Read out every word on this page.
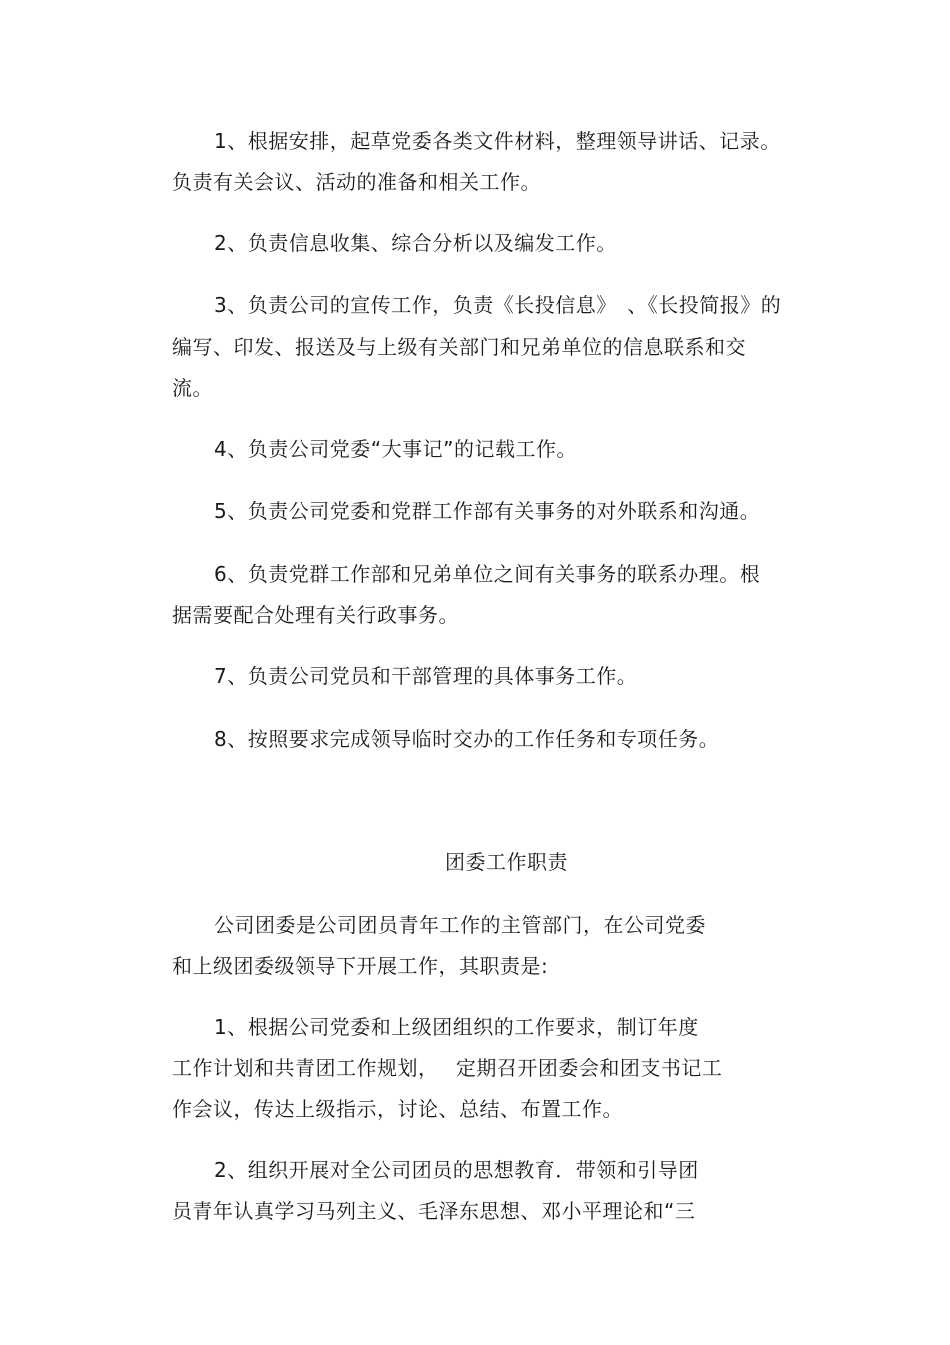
1、根据安排，起草党委各类文件材料，整理领导讲话、记录。
负责有关会议、活动的准备和相关工作。
2、负责信息收集、综合分析以及编发工作。
3、负责公司的宣传工作，负责《长投信息》　、《长投简报》的
编写、印发、报送及与上级有关部门和兄弟单位的信息联系和交
流。
4、负责公司党委“大事记”的记载工作。
5、负责公司党委和党群工作部有关事务的对外联系和沟通。
6、负责党群工作部和兄弟单位之间有关事务的联系办理。根
据需要配合处理有关行政事务。
7、负责公司党员和干部管理的具体事务工作。
8、按照要求完成领导临时交办的工作任务和专项任务。
团委工作职责
公司团委是公司团员青年工作的主管部门，在公司党委
和上级团委级领导下开展工作，其职责是:
1、根据公司党委和上级团组织的工作要求，制订年度
工作计划和共青团工作规划，　 定期召开团委会和团支书记工
作会议，传达上级指示，讨论、总结、布置工作。
2、组织开展对全公司团员的思想教育．带领和引导团
员青年认真学习马列主义、毛泽东思想、邓小平理论和“三
